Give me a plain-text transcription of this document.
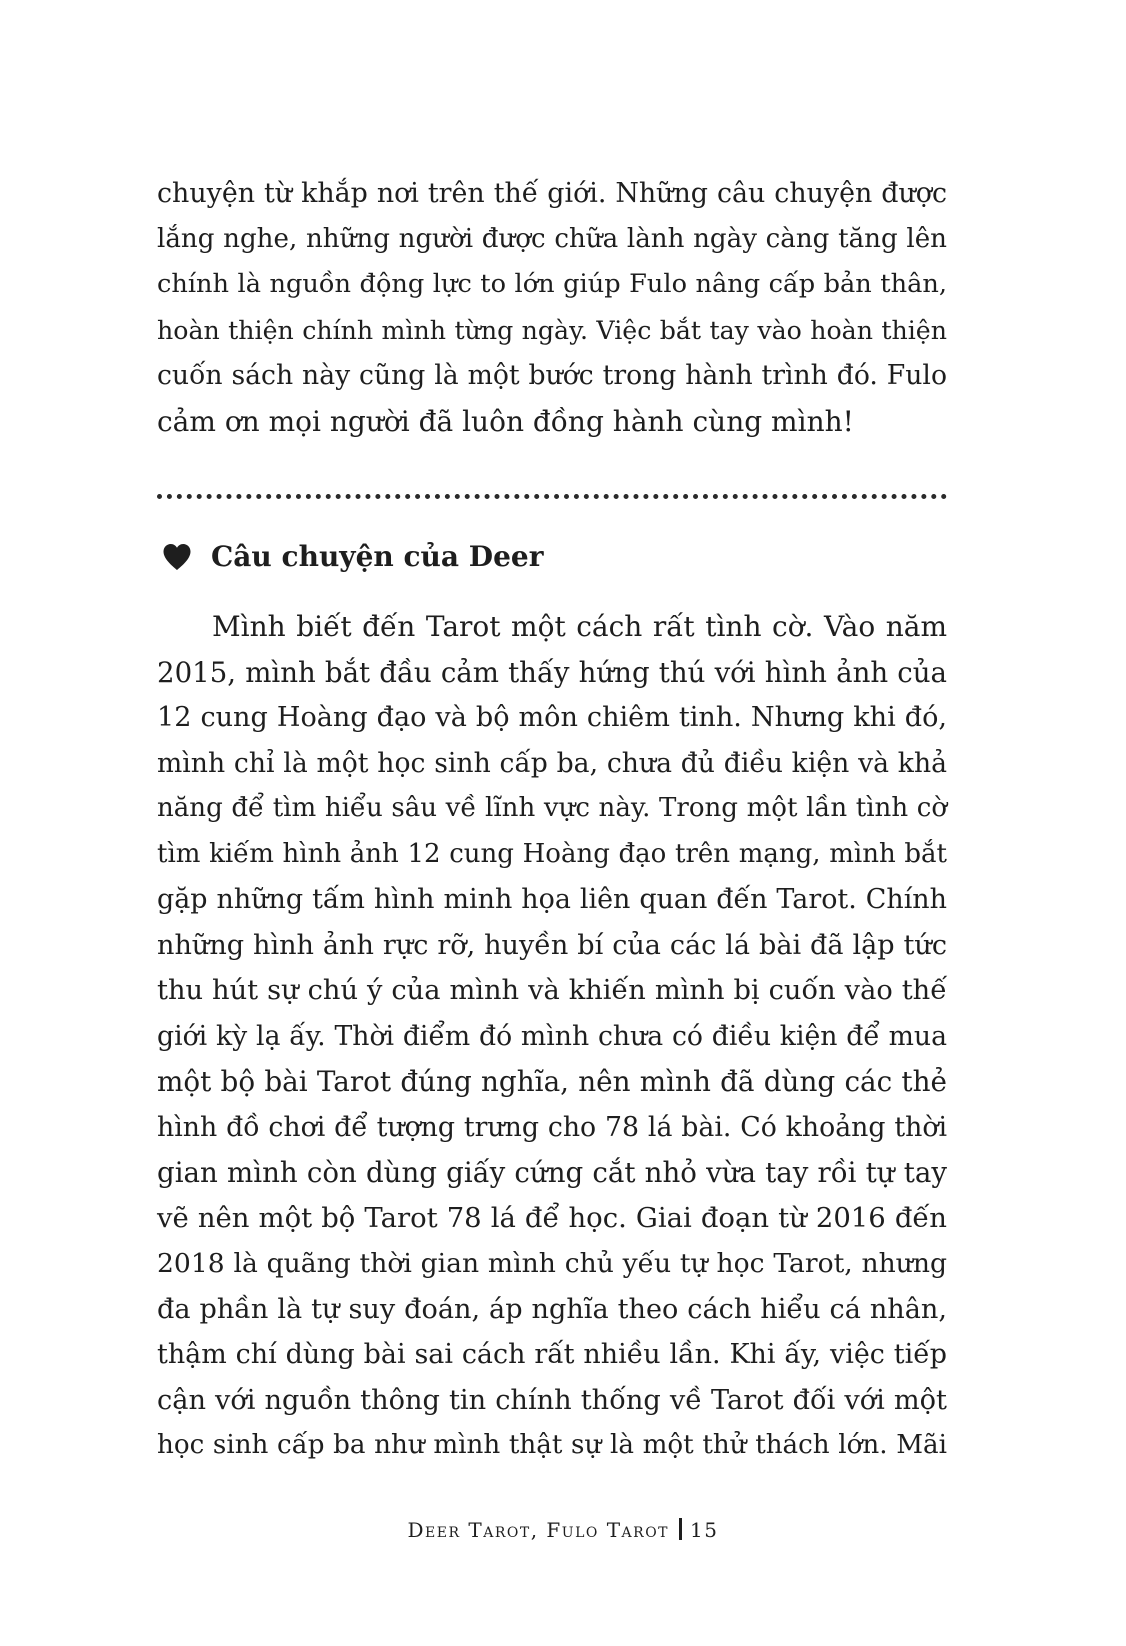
chuyện từ khắp nơi trên thế giới. Những câu chuyện được
lắng nghe, những người được chữa lành ngày càng tăng lên
chính là nguồn động lực to lớn giúp Fulo nâng cấp bản thân,
hoàn thiện chính mình từng ngày. Việc bắt tay vào hoàn thiện
cuốn sách này cũng là một bước trong hành trình đó. Fulo
cảm ơn mọi người đã luôn đồng hành cùng mình!
Câu chuyện của Deer
Mình biết đến Tarot một cách rất tình cờ. Vào năm
2015, mình bắt đầu cảm thấy hứng thú với hình ảnh của
12 cung Hoàng đạo và bộ môn chiêm tinh. Nhưng khi đó,
mình chỉ là một học sinh cấp ba, chưa đủ điều kiện và khả
năng để tìm hiểu sâu về lĩnh vực này. Trong một lần tình cờ
tìm kiếm hình ảnh 12 cung Hoàng đạo trên mạng, mình bắt
gặp những tấm hình minh họa liên quan đến Tarot. Chính
những hình ảnh rực rỡ, huyền bí của các lá bài đã lập tức
thu hút sự chú ý của mình và khiến mình bị cuốn vào thế
giới kỳ lạ ấy. Thời điểm đó mình chưa có điều kiện để mua
một bộ bài Tarot đúng nghĩa, nên mình đã dùng các thẻ
hình đồ chơi để tượng trưng cho 78 lá bài. Có khoảng thời
gian mình còn dùng giấy cứng cắt nhỏ vừa tay rồi tự tay
vẽ nên một bộ Tarot 78 lá để học. Giai đoạn từ 2016 đến
2018 là quãng thời gian mình chủ yếu tự học Tarot, nhưng
đa phần là tự suy đoán, áp nghĩa theo cách hiểu cá nhân,
thậm chí dùng bài sai cách rất nhiều lần. Khi ấy, việc tiếp
cận với nguồn thông tin chính thống về Tarot đối với một
học sinh cấp ba như mình thật sự là một thử thách lớn. Mãi
Deer Tarot, Fulo Tarot 15
